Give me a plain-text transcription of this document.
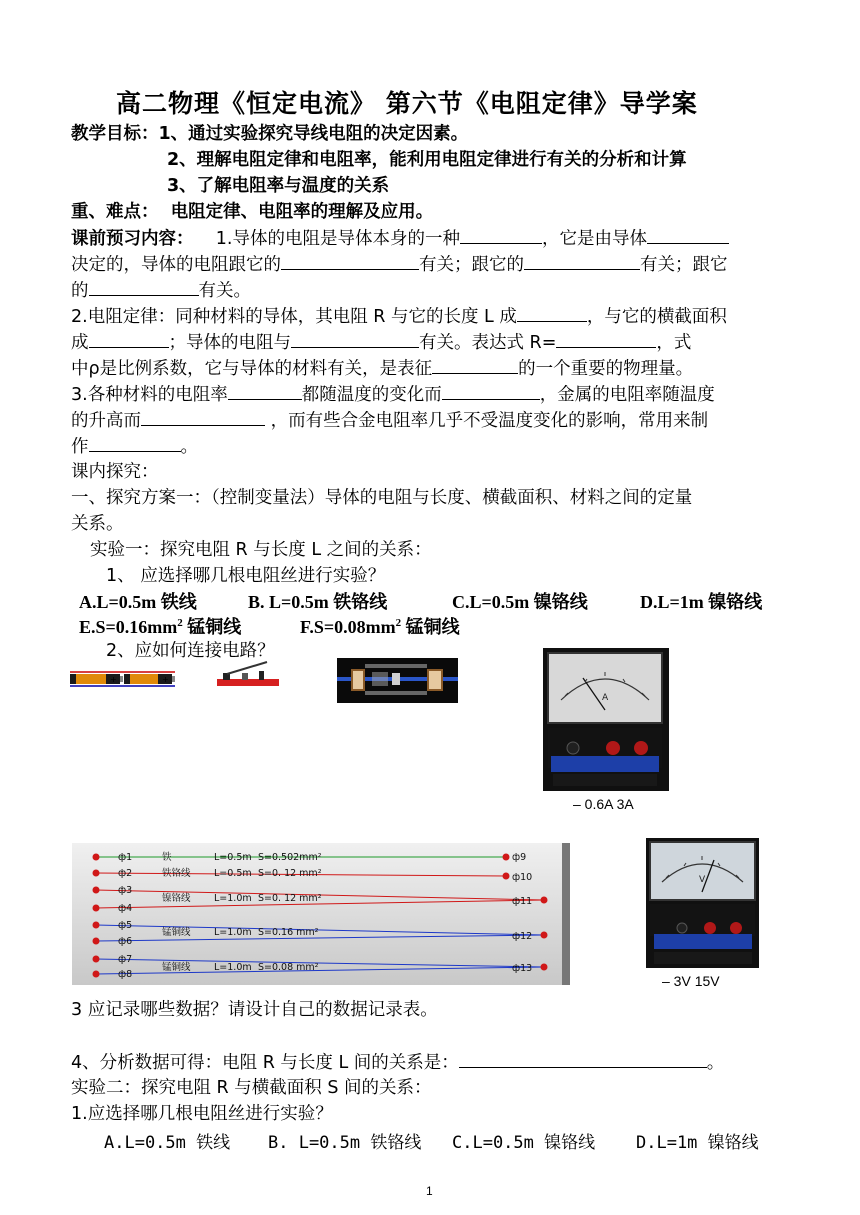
高二物理《恒定电流》 第六节《电阻定律》导学案
教学目标：1、通过实验探究导线电阻的决定因素。
2、理解电阻定律和电阻率，能利用电阻定律进行有关的分析和计算
3、了解电阻率与温度的关系
重、难点： 电阻定律、电阻率的理解及应用。
课前预习内容： 1.导体的电阻是导体本身的一种	，它是由导体
决定的，导体的电阻跟它的	有关；跟它的	有关；跟它
的	有关。
2.电阻定律：同种材料的导体，其电阻 R 与它的长度 L 成	，与它的横截面积
成	；导体的电阻与	有关。表达式 R=	，式
中ρ是比例系数，它与导体的材料有关，是表征	的一个重要的物理量。
3.各种材料的电阻率	都随温度的变化而	，金属的电阻率随温度
的升高而	，而有些合金电阻率几乎不受温度变化的影响，常用来制
作	。
课内探究：
一、探究方案一：（控制变量法）导体的电阻与长度、横截面积、材料之间的定量
关系。
实验一：探究电阻 R 与长度 L 之间的关系：
1、 应选择哪几根电阻丝进行实验？
A.L=0.5m 铁线	B. L=0.5m 铁铬线	C.L=0.5m 镍铬线	D.L=1m 镍铬线
$E.S=0.16mm^2$ 锰铜线	$F.S=0.08mm^2$ 锰铜线
2、应如何连接电路？
+	+
A
– 0.6A 3A
ф1
ф2
ф3
ф4
ф5
ф6
ф7
ф8
ф9
ф10
ф11
ф12
ф13
铁	L=0.5m S=0.502mm²
铁铬线 L=0.5m S=0. 12 mm²
镍铬线 L=1.0m S=0. 12 mm²
锰铜线 L=1.0m S=0.16 mm²
锰铜线 L=1.0m S=0.08 mm²
V
– 3V 15V
3 应记录哪些数据？请设计自己的数据记录表。
4、分析数据可得：电阻 R 与长度 L 间的关系是：	。
实验二：探究电阻 R 与横截面积 S 间的关系：
1.应选择哪几根电阻丝进行实验？
A.L=0.5m 铁线 B. L=0.5m 铁铬线 C.L=0.5m 镍铬线 D.L=1m 镍铬线
1
